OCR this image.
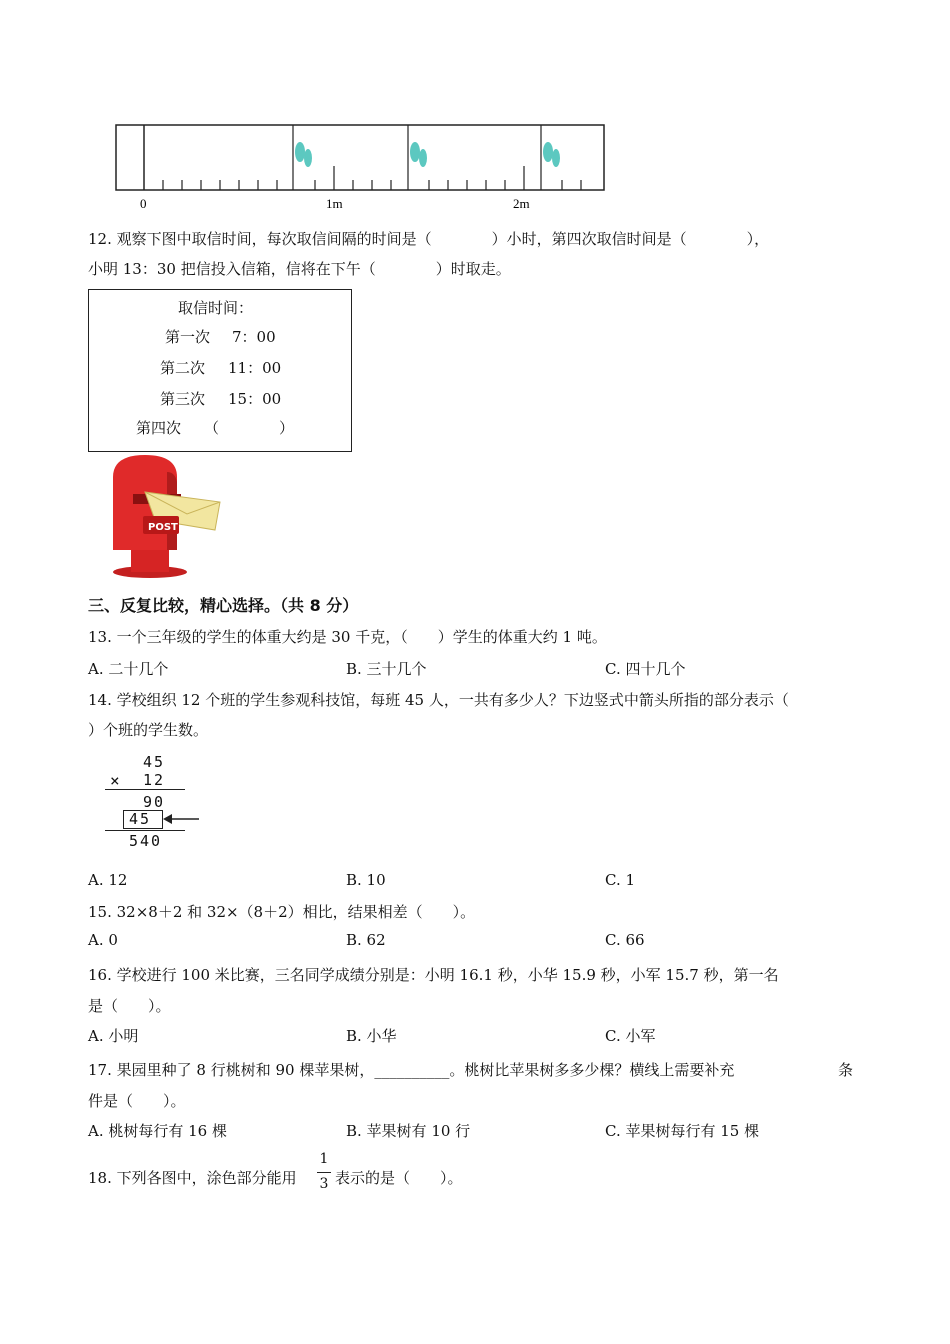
0	1m	2m
12. 观察下图中取信时间，每次取信间隔的时间是（　　　　）小时，第四次取信时间是（　　　　），
小明 13：30 把信投入信箱，信将在下午（　　　　）时取走。
取信时间：
第一次 7：00
第二次 11：00
第三次 15：00
第四次 （　　　　）
POST
三、反复比较，精心选择。（共 8 分）
13. 一个三年级的学生的体重大约是 30 千克，（　　）学生的体重大约 1 吨。
A. 二十几个	B. 三十几个	C. 四十几个
14. 学校组织 12 个班的学生参观科技馆，每班 45 人，一共有多少人？下边竖式中箭头所指的部分表示（
）个班的学生数。
45
× 12
90
45
540
A. 12	B. 10	C. 1
15. 32×8＋2 和 32×（8＋2）相比，结果相差（　　）。
A. 0	B. 62	C. 66
16. 学校进行 100 米比赛，三名同学成绩分别是：小明 16.1 秒，小华 15.9 秒，小军 15.7 秒，第一名
是（　　）。
A. 小明	B. 小华	C. 小军
17. 果园里种了 8 行桃树和 90 棵苹果树，__________。桃树比苹果树多多少棵？横线上需要补充	条
件是（　　）。
A. 桃树每行有 16 棵	B. 苹果树有 10 行	C. 苹果树每行有 15 棵
18. 下列各图中，涂色部分能用
1
3 表示的是（　　）。
